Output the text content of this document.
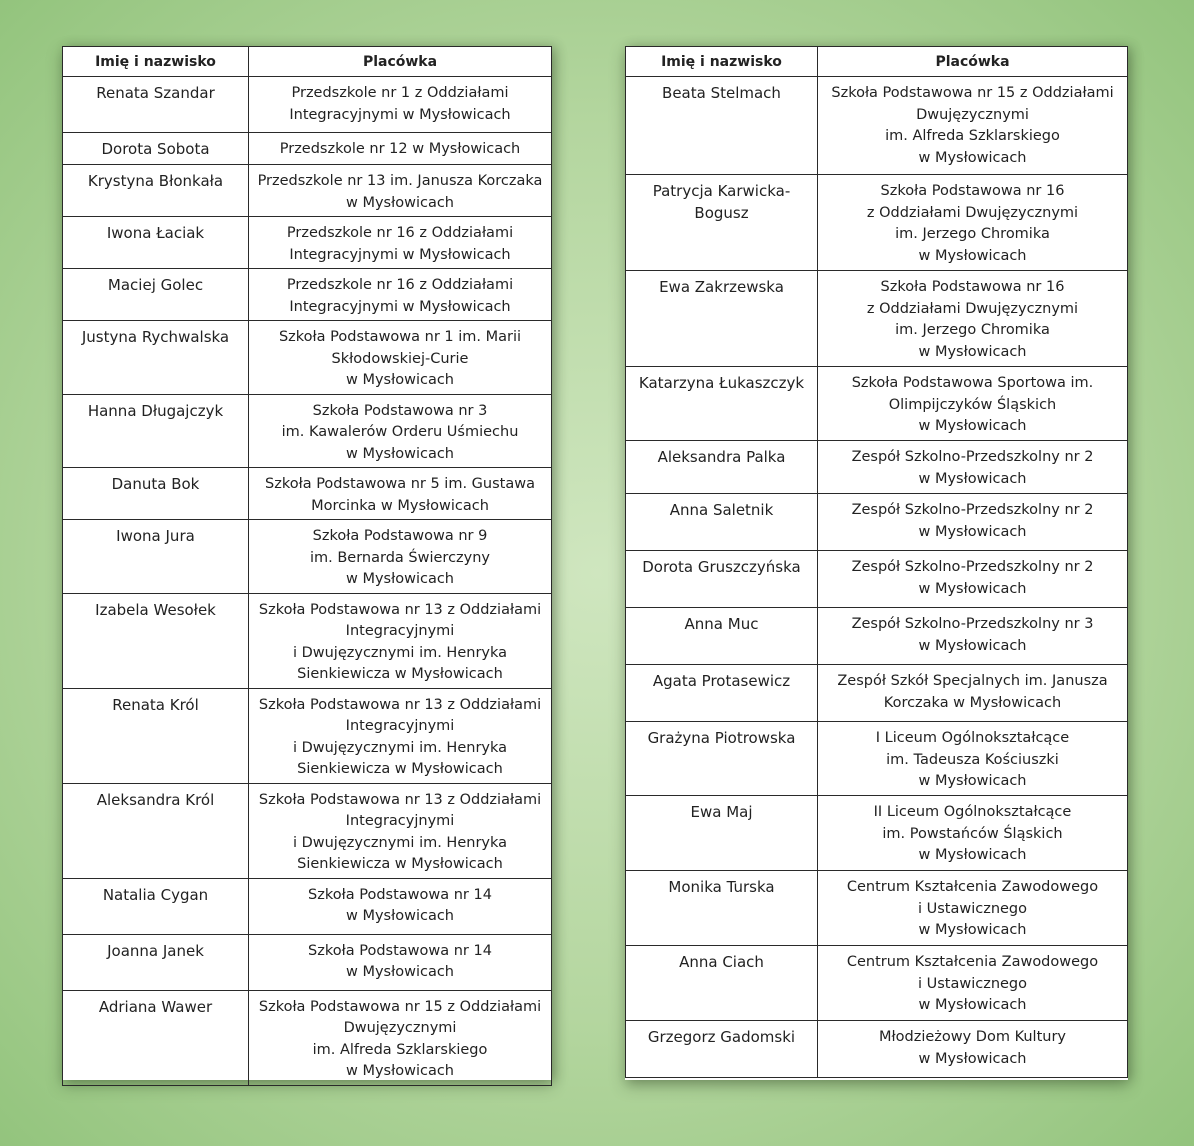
Imię i nazwisko	Placówka
Renata Szandar	Przedszkole nr 1 z Oddziałami Integracyjnymi w Mysłowicach
Dorota Sobota	Przedszkole nr 12 w Mysłowicach
Krystyna Błonkała	Przedszkole nr 13 im. Janusza Korczaka w Mysłowicach
Iwona Łaciak	Przedszkole nr 16 z Oddziałami Integracyjnymi w Mysłowicach
Maciej Golec	Przedszkole nr 16 z Oddziałami Integracyjnymi w Mysłowicach
Justyna Rychwalska	Szkoła Podstawowa nr 1 im. Marii Skłodowskiej-Curie
w Mysłowicach
Hanna Długajczyk	Szkoła Podstawowa nr 3
im. Kawalerów Orderu Uśmiechu
w Mysłowicach
Danuta Bok	Szkoła Podstawowa nr 5 im. Gustawa Morcinka w Mysłowicach
Iwona Jura	Szkoła Podstawowa nr 9
im. Bernarda Świerczyny
w Mysłowicach
Izabela Wesołek	Szkoła Podstawowa nr 13 z Oddziałami Integracyjnymi
i Dwujęzycznymi im. Henryka Sienkiewicza w Mysłowicach
Renata Król	Szkoła Podstawowa nr 13 z Oddziałami Integracyjnymi
i Dwujęzycznymi im. Henryka Sienkiewicza w Mysłowicach
Aleksandra Król	Szkoła Podstawowa nr 13 z Oddziałami Integracyjnymi
i Dwujęzycznymi im. Henryka Sienkiewicza w Mysłowicach
Natalia Cygan	Szkoła Podstawowa nr 14
w Mysłowicach
Joanna Janek	Szkoła Podstawowa nr 14
w Mysłowicach
Adriana Wawer	Szkoła Podstawowa nr 15 z Oddziałami Dwujęzycznymi
im. Alfreda Szklarskiego
w Mysłowicach
Imię i nazwisko	Placówka
Beata Stelmach	Szkoła Podstawowa nr 15 z Oddziałami Dwujęzycznymi
im. Alfreda Szklarskiego
w Mysłowicach
Patrycja Karwicka-Bogusz	Szkoła Podstawowa nr 16
z Oddziałami Dwujęzycznymi
im. Jerzego Chromika
w Mysłowicach
Ewa Zakrzewska	Szkoła Podstawowa nr 16
z Oddziałami Dwujęzycznymi
im. Jerzego Chromika
w Mysłowicach
Katarzyna Łukaszczyk	Szkoła Podstawowa Sportowa im. Olimpijczyków Śląskich
w Mysłowicach
Aleksandra Palka	Zespół Szkolno-Przedszkolny nr 2
w Mysłowicach
Anna Saletnik	Zespół Szkolno-Przedszkolny nr 2
w Mysłowicach
Dorota Gruszczyńska	Zespół Szkolno-Przedszkolny nr 2
w Mysłowicach
Anna Muc	Zespół Szkolno-Przedszkolny nr 3
w Mysłowicach
Agata Protasewicz	Zespół Szkół Specjalnych im. Janusza Korczaka w Mysłowicach
Grażyna Piotrowska	I Liceum Ogólnokształcące
im. Tadeusza Kościuszki
w Mysłowicach
Ewa Maj	II Liceum Ogólnokształcące
im. Powstańców Śląskich
w Mysłowicach
Monika Turska	Centrum Kształcenia Zawodowego
i Ustawicznego
w Mysłowicach
Anna Ciach	Centrum Kształcenia Zawodowego
i Ustawicznego
w Mysłowicach
Grzegorz Gadomski	Młodzieżowy Dom Kultury
w Mysłowicach
